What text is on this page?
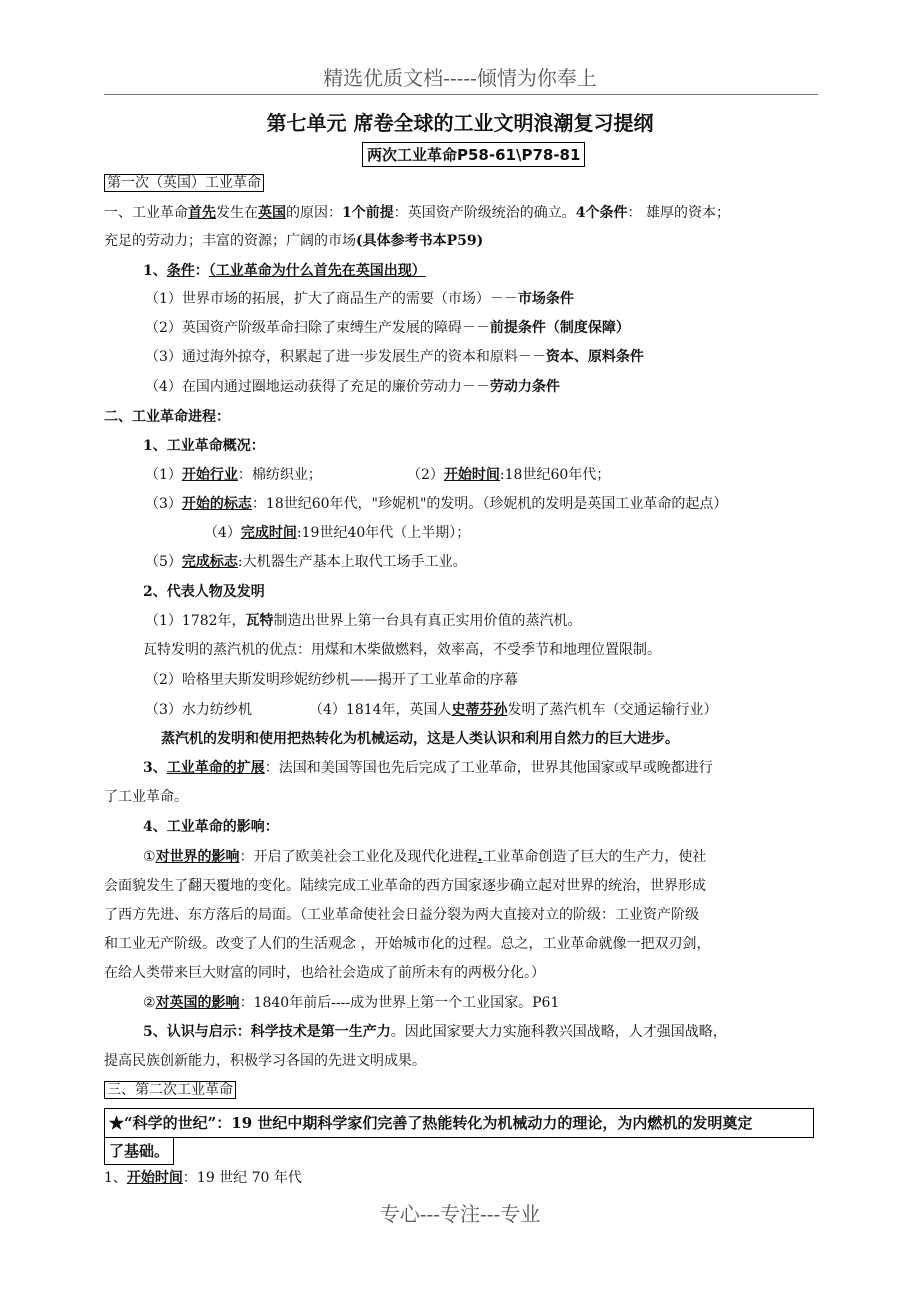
精选优质文档-----倾情为你奉上
第七单元 席卷全球的工业文明浪潮复习提纲
两次工业革命P58-61\P78-81
第一次（英国）工业革命
一、工业革命首先发生在英国的原因：1个前提：英国资产阶级统治的确立。4个条件： 雄厚的资本；
充足的劳动力；丰富的资源；广阔的市场(具体参考书本P59)
1、条件：（工业革命为什么首先在英国出现）
（1）世界市场的拓展，扩大了商品生产的需要（市场）－－市场条件
（2）英国资产阶级革命扫除了束缚生产发展的障碍－－前提条件（制度保障）
（3）通过海外掠夺，积累起了进一步发展生产的资本和原料－－资本、原料条件
（4）在国内通过圈地运动获得了充足的廉价劳动力－－劳动力条件
二、工业革命进程：
1、工业革命概况：
（1）开始行业：棉纺织业；	（2）开始时间:18世纪60年代；
（3）开始的标志：18世纪60年代，"珍妮机"的发明。（珍妮机的发明是英国工业革命的起点）
（4）完成时间:19世纪40年代（上半期）；
（5）完成标志:大机器生产基本上取代工场手工业。
2、代表人物及发明
（1）1782年，瓦特制造出世界上第一台具有真正实用价值的蒸汽机。
瓦特发明的蒸汽机的优点：用煤和木柴做燃料，效率高，不受季节和地理位置限制。
（2）哈格里夫斯发明珍妮纺纱机——揭开了工业革命的序幕
（3）水力纺纱机	（4）1814年，英国人史蒂芬孙发明了蒸汽机车（交通运输行业）
蒸汽机的发明和使用把热转化为机械运动，这是人类认识和利用自然力的巨大进步。
3、工业革命的扩展：法国和美国等国也先后完成了工业革命，世界其他国家或早或晚都进行
了工业革命。
4、工业革命的影响：
①对世界的影响：开启了欧美社会工业化及现代化进程.工业革命创造了巨大的生产力，使社
会面貌发生了翻天覆地的变化。陆续完成工业革命的西方国家逐步确立起对世界的统治，世界形成
了西方先进、东方落后的局面。（工业革命使社会日益分裂为两大直接对立的阶级：工业资产阶级
和工业无产阶级。改变了人们的生活观念 ，开始城市化的过程。总之，工业革命就像一把双刃剑，
在给人类带来巨大财富的同时，也给社会造成了前所未有的两极分化。）
②对英国的影响：1840年前后----成为世界上第一个工业国家。P61
5、认识与启示：科学技术是第一生产力。因此国家要大力实施科教兴国战略，人才强国战略，
提高民族创新能力，积极学习各国的先进文明成果。
三、第二次工业革命
★“科学的世纪”：19 世纪中期科学家们完善了热能转化为机械动力的理论，为内燃机的发明奠定
了基础。
1、开始时间：19 世纪 70 年代
专心---专注---专业
